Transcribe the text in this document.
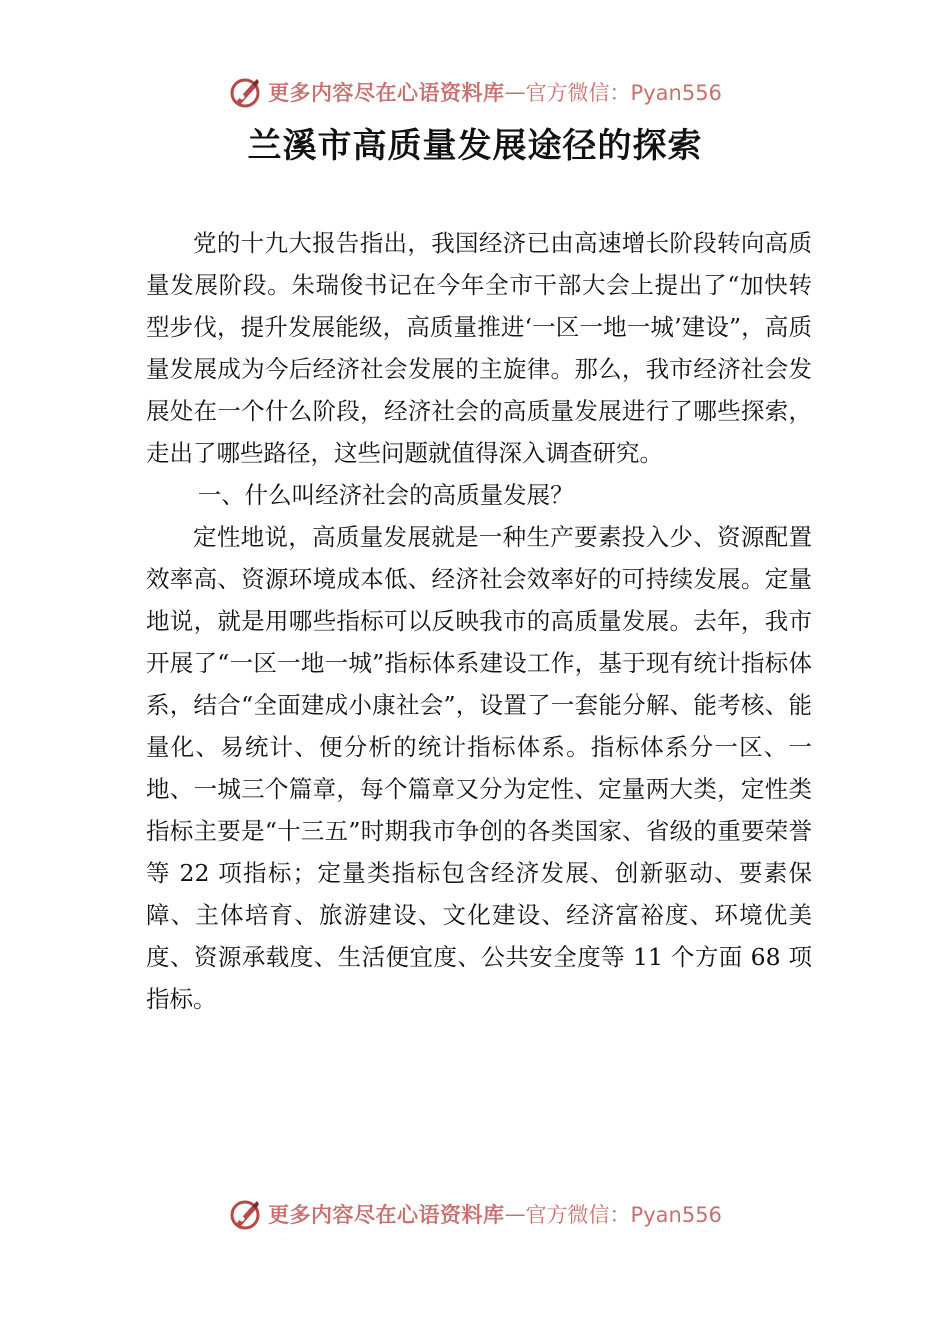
更多内容尽在心语资料库 — 官方微信：Pyan556
兰溪市高质量发展途径的探索

党的十九大报告指出，我国经济已由高速增长阶段转向高质量发展阶段。朱瑞俊书记在今年全市干部大会上提出了“加快转型步伐，提升发展能级，高质量推进‘一区一地一城’建设”，高质量发展成为今后经济社会发展的主旋律。那么，我市经济社会发展处在一个什么阶段，经济社会的高质量发展进行了哪些探索，走出了哪些路径，这些问题就值得深入调查研究。

一、什么叫经济社会的高质量发展？

定性地说，高质量发展就是一种生产要素投入少、资源配置效率高、资源环境成本低、经济社会效率好的可持续发展。定量地说，就是用哪些指标可以反映我市的高质量发展。去年，我市开展了“一区一地一城”指标体系建设工作，基于现有统计指标体系，结合“全面建成小康社会”，设置了一套能分解、能考核、能量化、易统计、便分析的统计指标体系。指标体系分一区、一地、一城三个篇章，每个篇章又分为定性、定量两大类，定性类指标主要是“十三五”时期我市争创的各类国家、省级的重要荣誉等 22 项指标；定量类指标包含经济发展、创新驱动、要素保障、主体培育、旅游建设、文化建设、经济富裕度、环境优美度、资源承载度、生活便宜度、公共安全度等 11 个方面 68 项指标。

更多内容尽在心语资料库 — 官方微信：Pyan556
